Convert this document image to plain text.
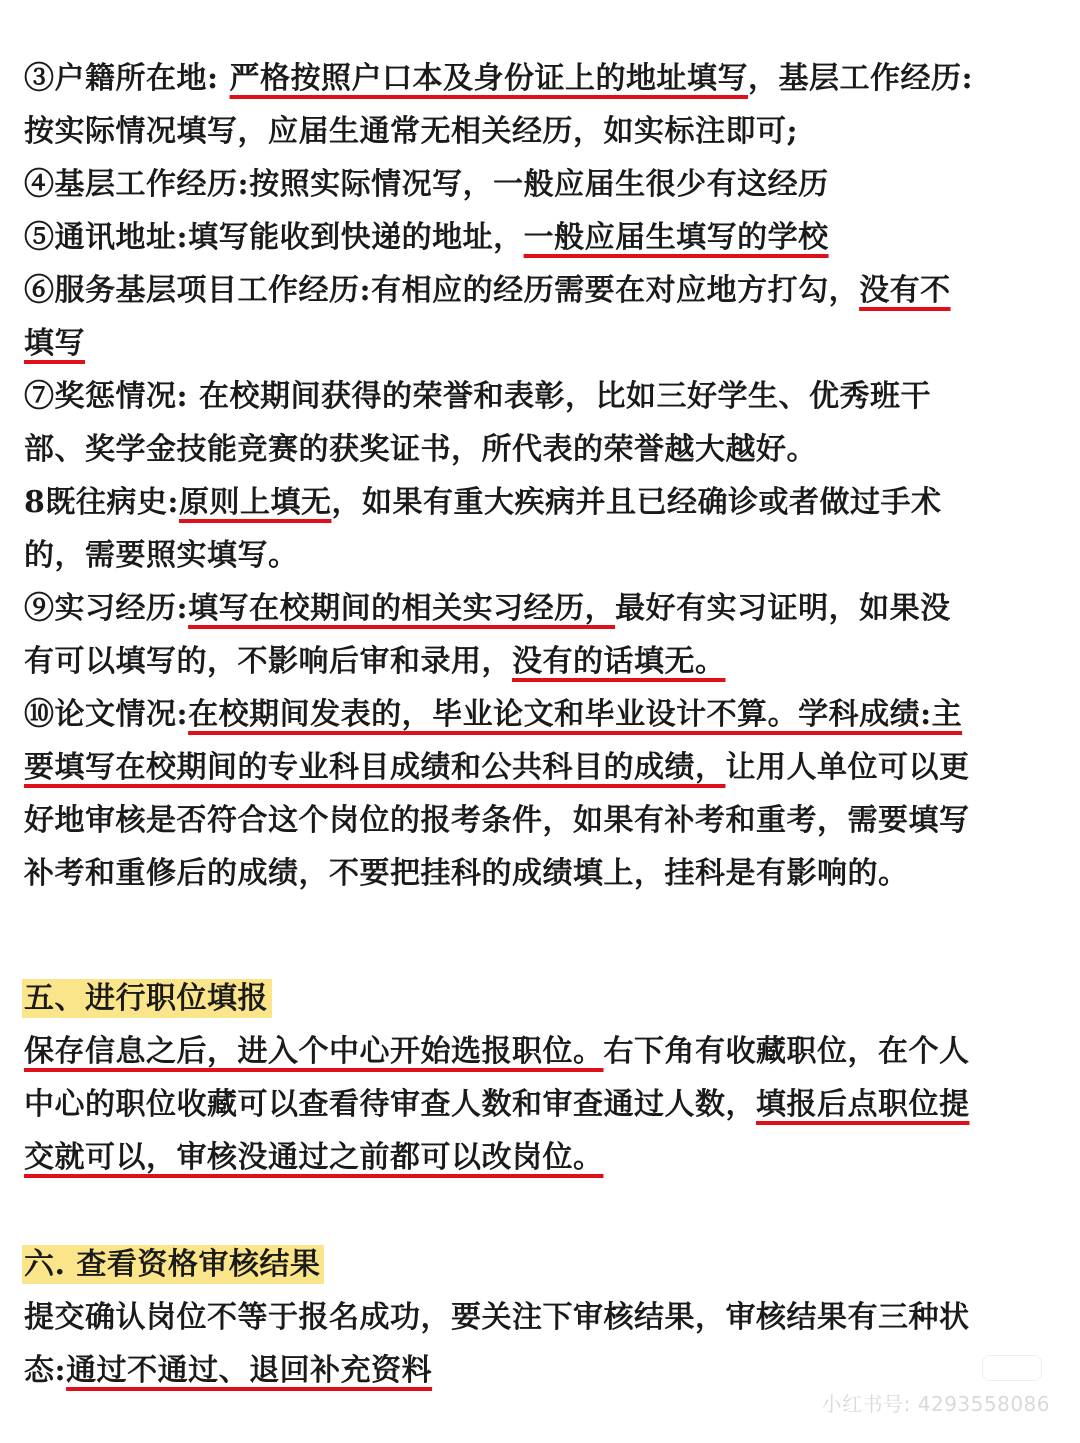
③户籍所在地: 严格按照户口本及身份证上的地址填写，基层工作经历:
按实际情况填写，应届生通常无相关经历，如实标注即可;
④基层工作经历:按照实际情况写，一般应届生很少有这经历
⑤通讯地址:填写能收到快递的地址，一般应届生填写的学校
⑥服务基层项目工作经历:有相应的经历需要在对应地方打勾，没有不
填写
⑦奖惩情况: 在校期间获得的荣誉和表彰，比如三好学生、优秀班干
部、奖学金技能竞赛的获奖证书，所代表的荣誉越大越好。
8既往病史:原则上填无，如果有重大疾病并且已经确诊或者做过手术
的，需要照实填写。
⑨实习经历:填写在校期间的相关实习经历，最好有实习证明，如果没
有可以填写的，不影响后审和录用，没有的话填无。
⑩论文情况:在校期间发表的，毕业论文和毕业设计不算。学科成绩:主
要填写在校期间的专业科目成绩和公共科目的成绩，让用人单位可以更
好地审核是否符合这个岗位的报考条件，如果有补考和重考，需要填写
补考和重修后的成绩，不要把挂科的成绩填上，挂科是有影响的。
五、进行职位填报
保存信息之后，进入个中心开始选报职位。右下角有收藏职位，在个人
中心的职位收藏可以查看待审查人数和审查通过人数，填报后点职位提
交就可以，审核没通过之前都可以改岗位。
六. 查看资格审核结果
提交确认岗位不等于报名成功，要关注下审核结果，审核结果有三种状
态:通过不通过、退回补充资料
小红书号: 4293558086
